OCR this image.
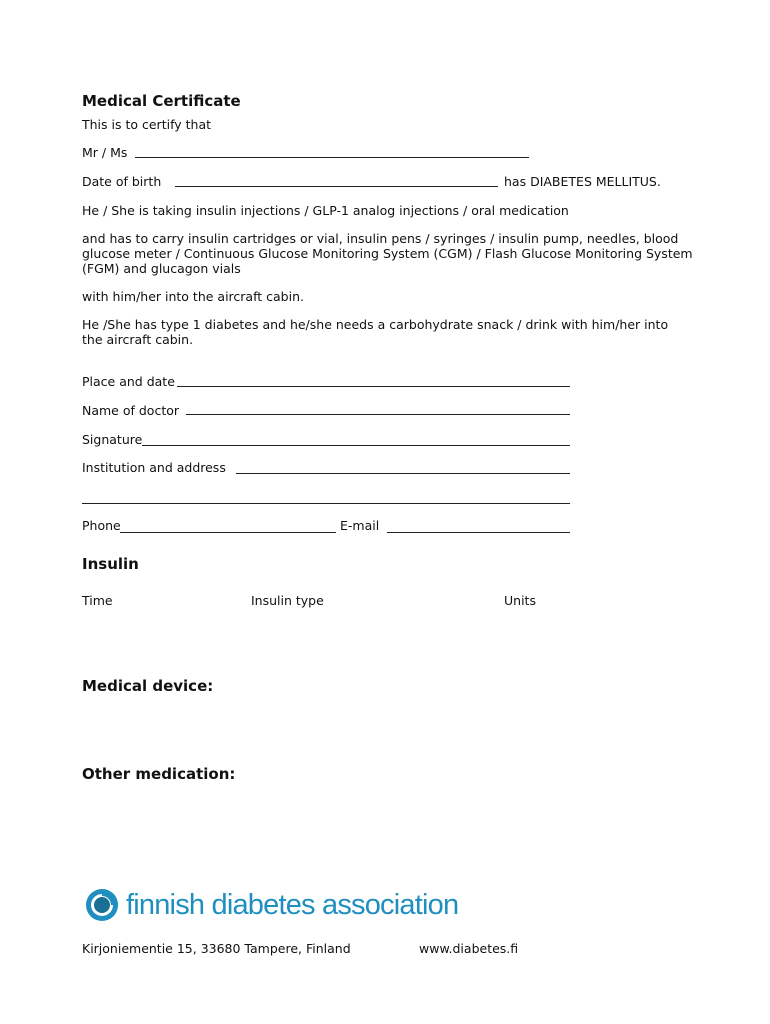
Medical Certificate
This is to certify that
Mr / Ms
Date of birth	has DIABETES MELLITUS.
He / She is taking insulin injections / GLP-1 analog injections / oral medication
and has to carry insulin cartridges or vial, insulin pens / syringes / insulin pump, needles, blood glucose meter / Continuous Glucose Monitoring System (CGM) / Flash Glucose Monitoring System (FGM) and glucagon vials
with him/her into the aircraft cabin.
He /She has type 1 diabetes and he/she needs a carbohydrate snack / drink with him/her into the aircraft cabin.
Place and date
Name of doctor
Signature
Institution and address
Phone	E-mail
Insulin
Time	Insulin type	Units
Medical device:
Other medication:
finnish diabetes association
Kirjoniementie 15, 33680 Tampere, Finland	www.diabetes.fi
